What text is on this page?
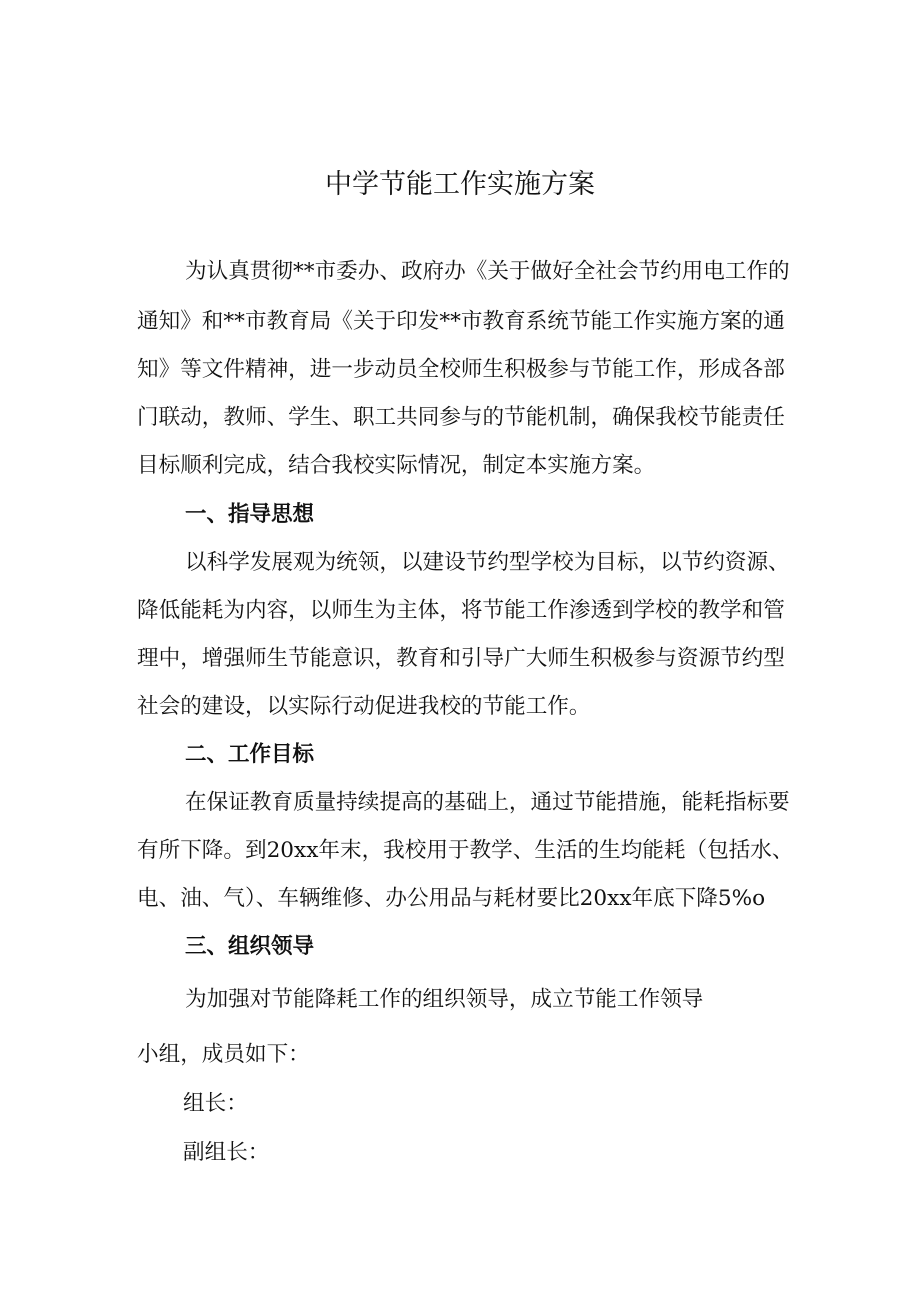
中学节能工作实施方案
为认真贯彻**市委办、政府办《关于做好全社会节约用电工作的
通知》和**市教育局《关于印发**市教育系统节能工作实施方案的通
知》等文件精神，进一步动员全校师生积极参与节能工作，形成各部
门联动，教师、学生、职工共同参与的节能机制，确保我校节能责任
目标顺利完成，结合我校实际情况，制定本实施方案。
一、指导思想
以科学发展观为统领，以建设节约型学校为目标，以节约资源、
降低能耗为内容，以师生为主体，将节能工作渗透到学校的教学和管
理中，增强师生节能意识，教育和引导广大师生积极参与资源节约型
社会的建设，以实际行动促进我校的节能工作。
二、工作目标
在保证教育质量持续提高的基础上，通过节能措施，能耗指标要
有所下降。到20xx年末，我校用于教学、生活的生均能耗（包括水、
电、油、气）、车辆维修、办公用品与耗材要比20xx年底下降5%o
三、组织领导
为加强对节能降耗工作的组织领导，成立节能工作领导
小组，成员如下：
组长：
副组长：
